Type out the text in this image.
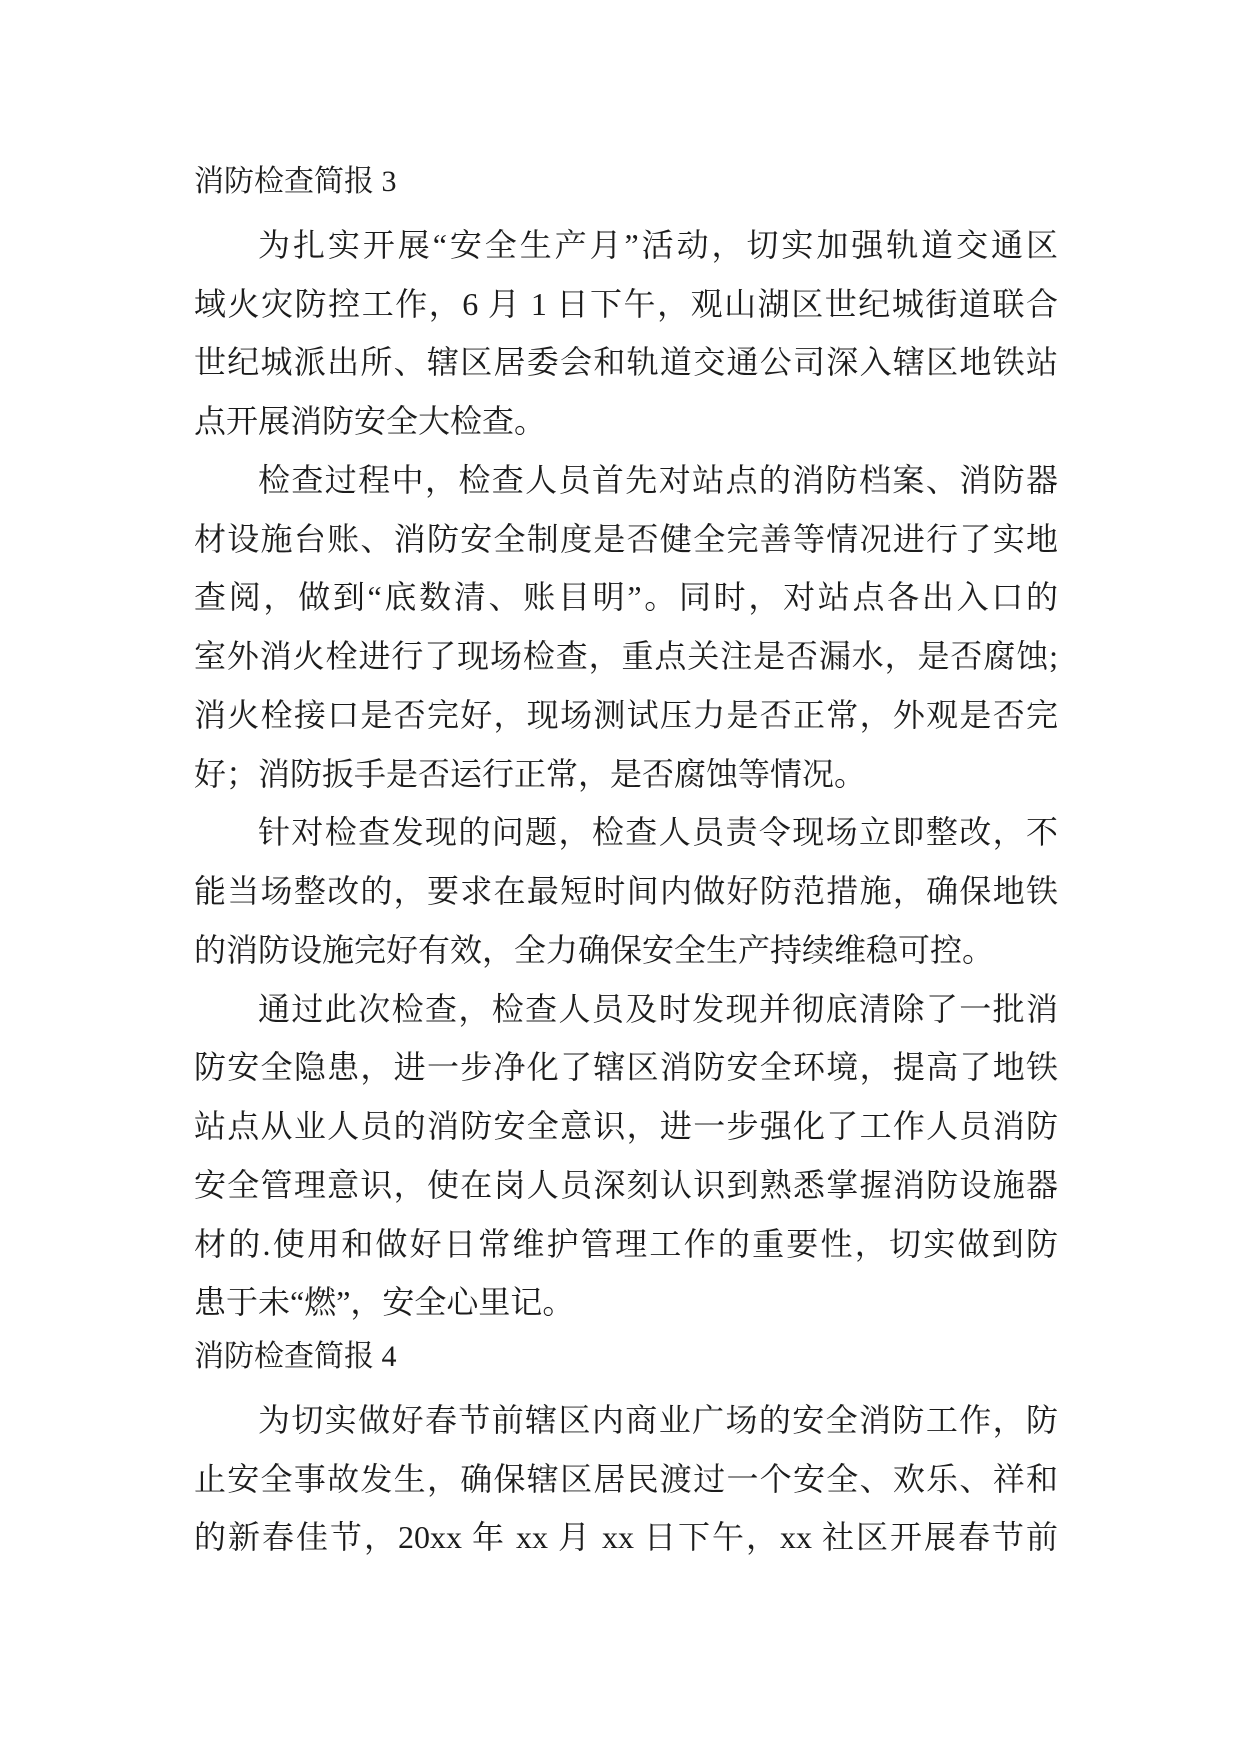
消防检查简报 3
为扎实开展“安全生产月”活动，切实加强轨道交通区
域火灾防控工作，6 月 1 日下午，观山湖区世纪城街道联合
世纪城派出所、辖区居委会和轨道交通公司深入辖区地铁站
点开展消防安全大检查。
检查过程中，检查人员首先对站点的消防档案、消防器
材设施台账、消防安全制度是否健全完善等情况进行了实地
查阅，做到“底数清、账目明”。同时，对站点各出入口的
室外消火栓进行了现场检查，重点关注是否漏水，是否腐蚀;
消火栓接口是否完好，现场测试压力是否正常，外观是否完
好；消防扳手是否运行正常，是否腐蚀等情况。
针对检查发现的问题，检查人员责令现场立即整改，不
能当场整改的，要求在最短时间内做好防范措施，确保地铁
的消防设施完好有效，全力确保安全生产持续维稳可控。
通过此次检查，检查人员及时发现并彻底清除了一批消
防安全隐患，进一步净化了辖区消防安全环境，提高了地铁
站点从业人员的消防安全意识，进一步强化了工作人员消防
安全管理意识，使在岗人员深刻认识到熟悉掌握消防设施器
材的.使用和做好日常维护管理工作的重要性，切实做到防
患于未“燃”，安全心里记。
消防检查简报 4
为切实做好春节前辖区内商业广场的安全消防工作，防
止安全事故发生，确保辖区居民渡过一个安全、欢乐、祥和
的新春佳节，20xx 年 xx 月 xx 日下午，xx 社区开展春节前
